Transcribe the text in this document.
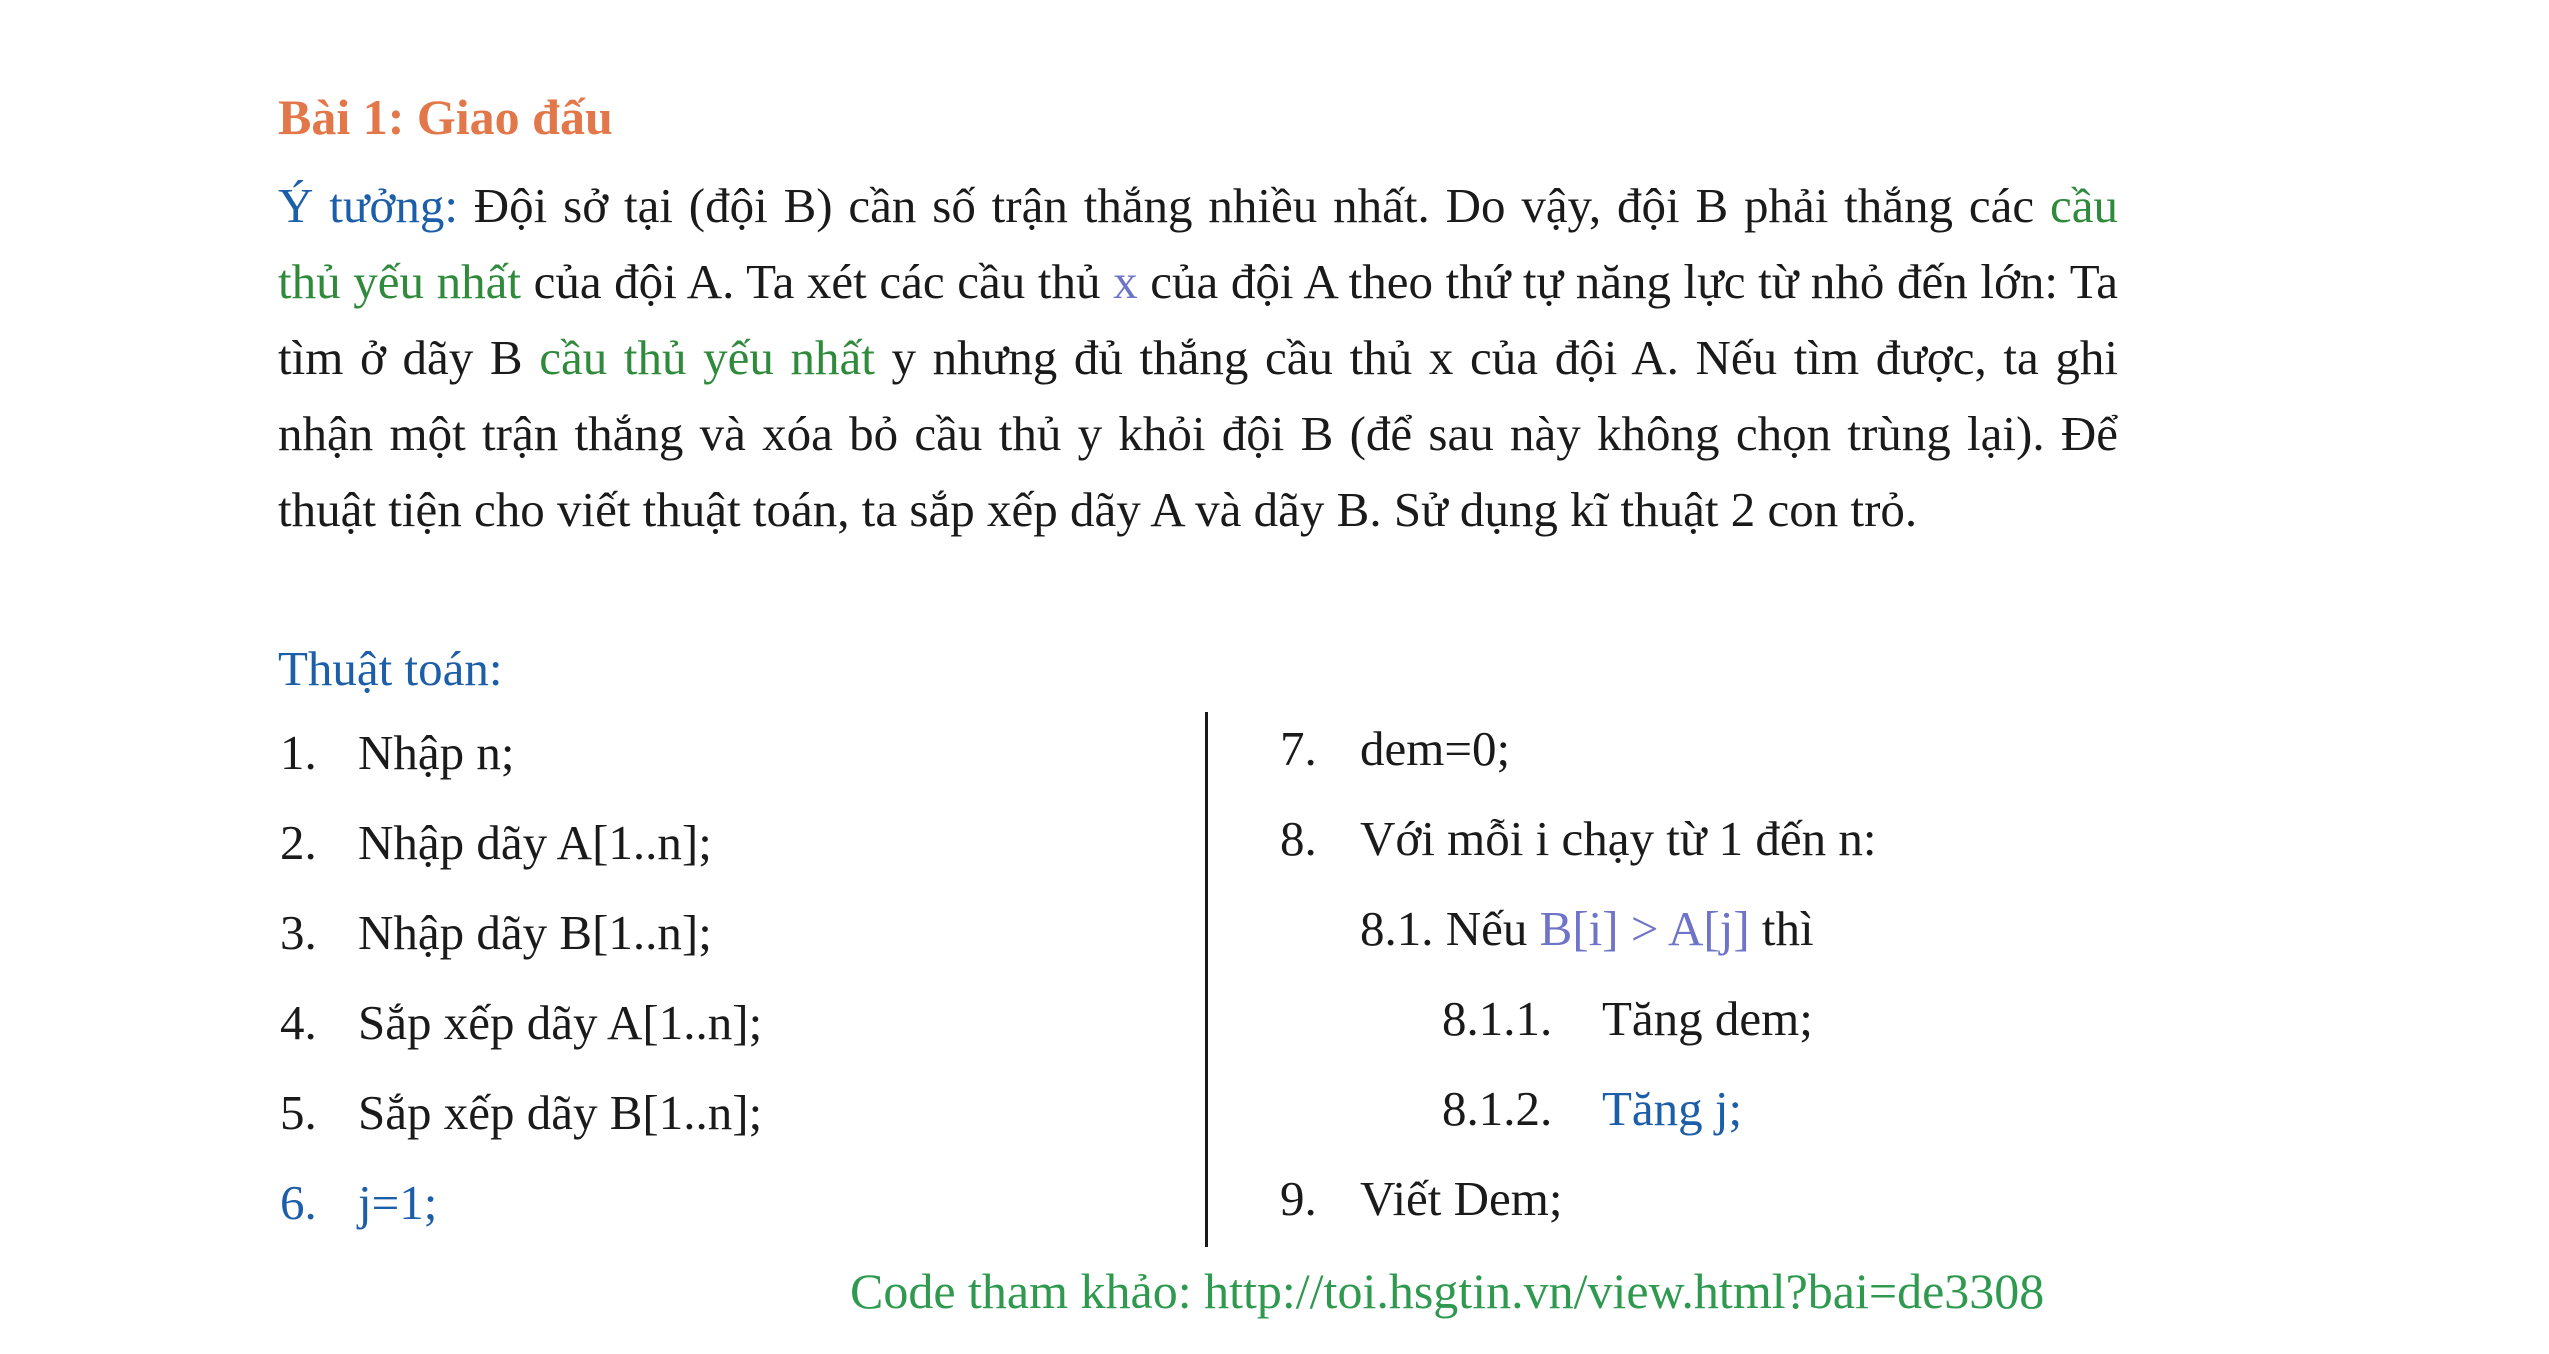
Bài 1: Giao đấu
Ý tưởng: Đội sở tại (đội B) cần số trận thắng nhiều nhất. Do vậy, đội B phải thắng các cầu thủ yếu nhất của đội A. Ta xét các cầu thủ x của đội A theo thứ tự năng lực từ nhỏ đến lớn: Ta tìm ở dãy B cầu thủ yếu nhất y nhưng đủ thắng cầu thủ x của đội A. Nếu tìm được, ta ghi nhận một trận thắng và xóa bỏ cầu thủ y khỏi đội B (để sau này không chọn trùng lại). Để thuật tiện cho viết thuật toán, ta sắp xếp dãy A và dãy B. Sử dụng kĩ thuật 2 con trỏ.
Thuật toán:
1. Nhập n;
2. Nhập dãy A[1..n];
3. Nhập dãy B[1..n];
4. Sắp xếp dãy A[1..n];
5. Sắp xếp dãy B[1..n];
6. j=1;
7. dem=0;
8. Với mỗi i chạy từ 1 đến n:
8.1. Nếu B[i] > A[j] thì
8.1.1. Tăng dem;
8.1.2. Tăng j;
9. Viết Dem;
Code tham khảo: http://toi.hsgtin.vn/view.html?bai=de3308
